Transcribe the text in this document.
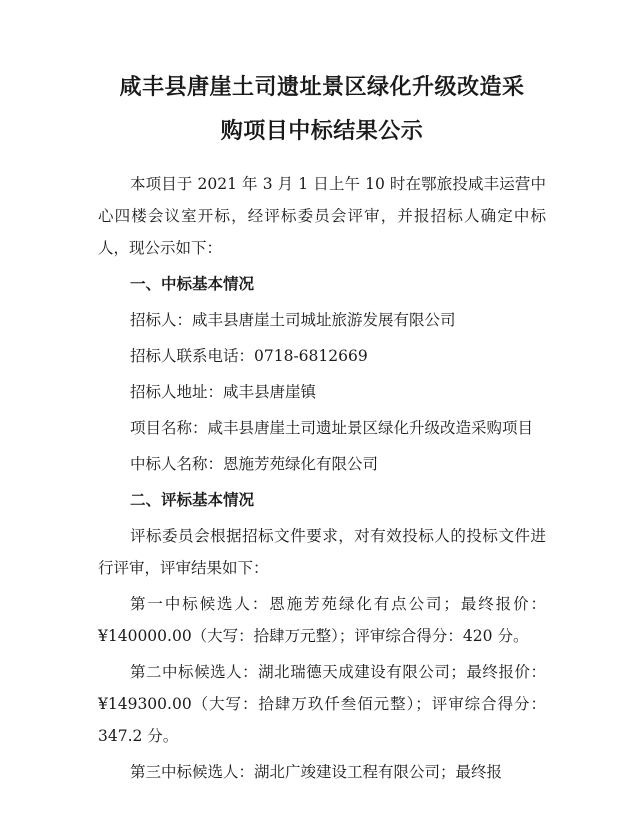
咸丰县唐崖土司遗址景区绿化升级改造采
购项目中标结果公示

本项目于 2021 年 3 月 1 日上午 10 时在鄂旅投咸丰运营中心四楼会议室开标，经评标委员会评审，并报招标人确定中标人，现公示如下：

一、中标基本情况
招标人：咸丰县唐崖土司城址旅游发展有限公司
招标人联系电话：0718-6812669
招标人地址：咸丰县唐崖镇

项目名称：咸丰县唐崖土司遗址景区绿化升级改造采购项目

中标人名称：恩施芳苑绿化有限公司
二、评标基本情况

评标委员会根据招标文件要求，对有效投标人的投标文件进行评审，评审结果如下：

第一中标候选人：恩施芳苑绿化有点公司；最终报价：¥140000.00（大写：拾肆万元整）；评审综合得分：420 分。

第二中标候选人：湖北瑞德天成建设有限公司；最终报价：¥149300.00（大写：拾肆万玖仟叁佰元整）；评审综合得分：347.2 分。

第三中标候选人：湖北广竣建设工程有限公司；最终报
